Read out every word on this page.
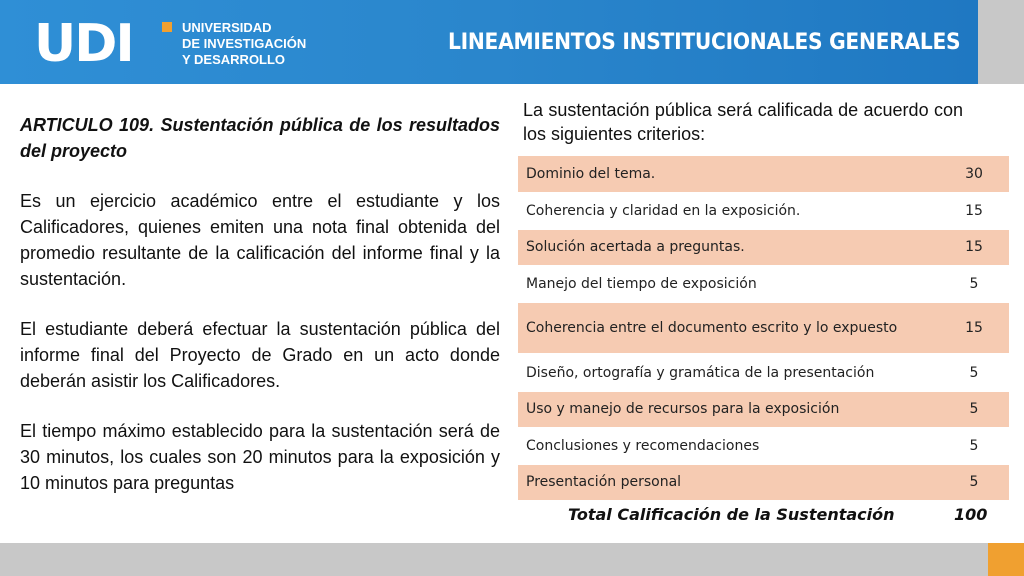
UDI	UNIVERSIDAD
DE INVESTIGACIÓN
Y DESARROLLO
LINEAMIENTOS INSTITUCIONALES GENERALES
ARTICULO 109. Sustentación pública de los resultados del proyecto

Es un ejercicio académico entre el estudiante y los Calificadores, quienes emiten una nota final obtenida del promedio resultante de la calificación del informe final y la sustentación.

El estudiante deberá efectuar la sustentación pública del informe final del Proyecto de Grado en un acto donde deberán asistir los Calificadores.

El tiempo máximo establecido para la sustentación será de 30 minutos, los cuales son 20 minutos para la exposición y 10 minutos para preguntas

La sustentación pública será calificada de acuerdo con los siguientes criterios:
Dominio del tema.	30
Coherencia y claridad en la exposición.	15
Solución acertada a preguntas.	15
Manejo del tiempo de exposición	5
Coherencia entre el documento escrito y lo expuesto	15
Diseño, ortografía y gramática de la presentación	5
Uso y manejo de recursos para la exposición	5
Conclusiones y recomendaciones	5
Presentación personal	5
Total Calificación de la Sustentación	100
